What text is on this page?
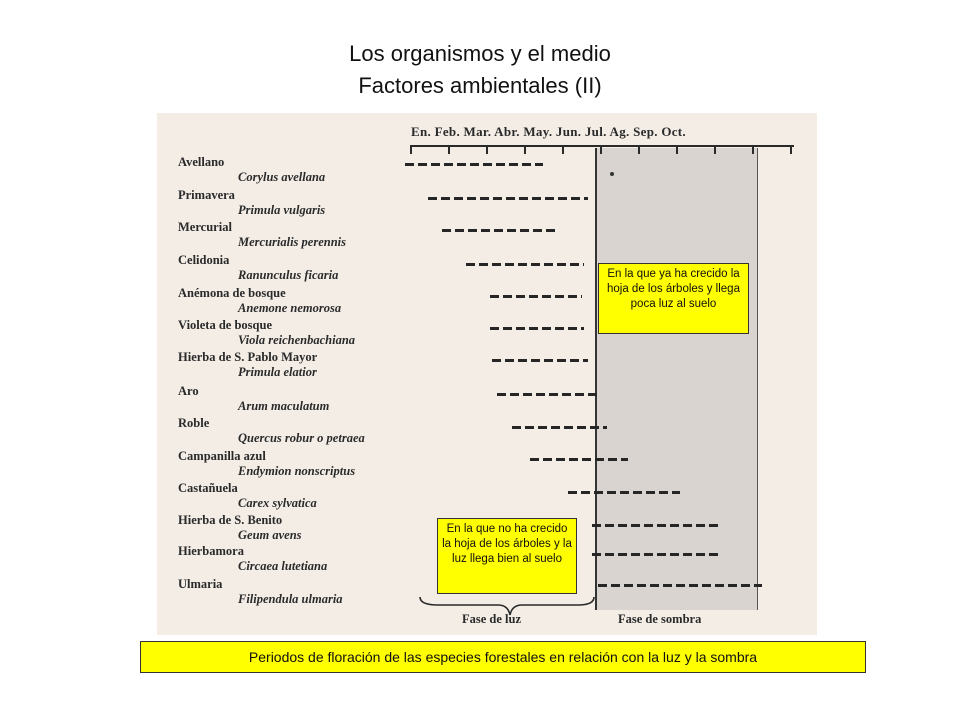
Los organismos y el medio
Factores ambientales (II)
En. Feb. Mar. Abr. May. Jun. Jul. Ag. Sep. Oct.
Avellano
Corylus avellana
Primavera
Primula vulgaris
Mercurial
Mercurialis perennis
Celidonia
Ranunculus ficaria
Anémona de bosque
Anemone nemorosa
Violeta de bosque
Viola reichenbachiana
Hierba de S. Pablo Mayor
Primula elatior
Aro
Arum maculatum
Roble
Quercus robur o petraea
Campanilla azul
Endymion nonscriptus
Castañuela
Carex sylvatica
Hierba de S. Benito
Geum avens
Hierbamora
Circaea lutetiana
Ulmaria
Filipendula ulmaria
En la que ya ha crecido la hoja de los árboles y llega poca luz al suelo
En la que no ha crecido la hoja de los árboles y la luz llega bien al suelo
Fase de luz	Fase de sombra
Periodos de floración de las especies forestales en relación con la luz y la sombra
